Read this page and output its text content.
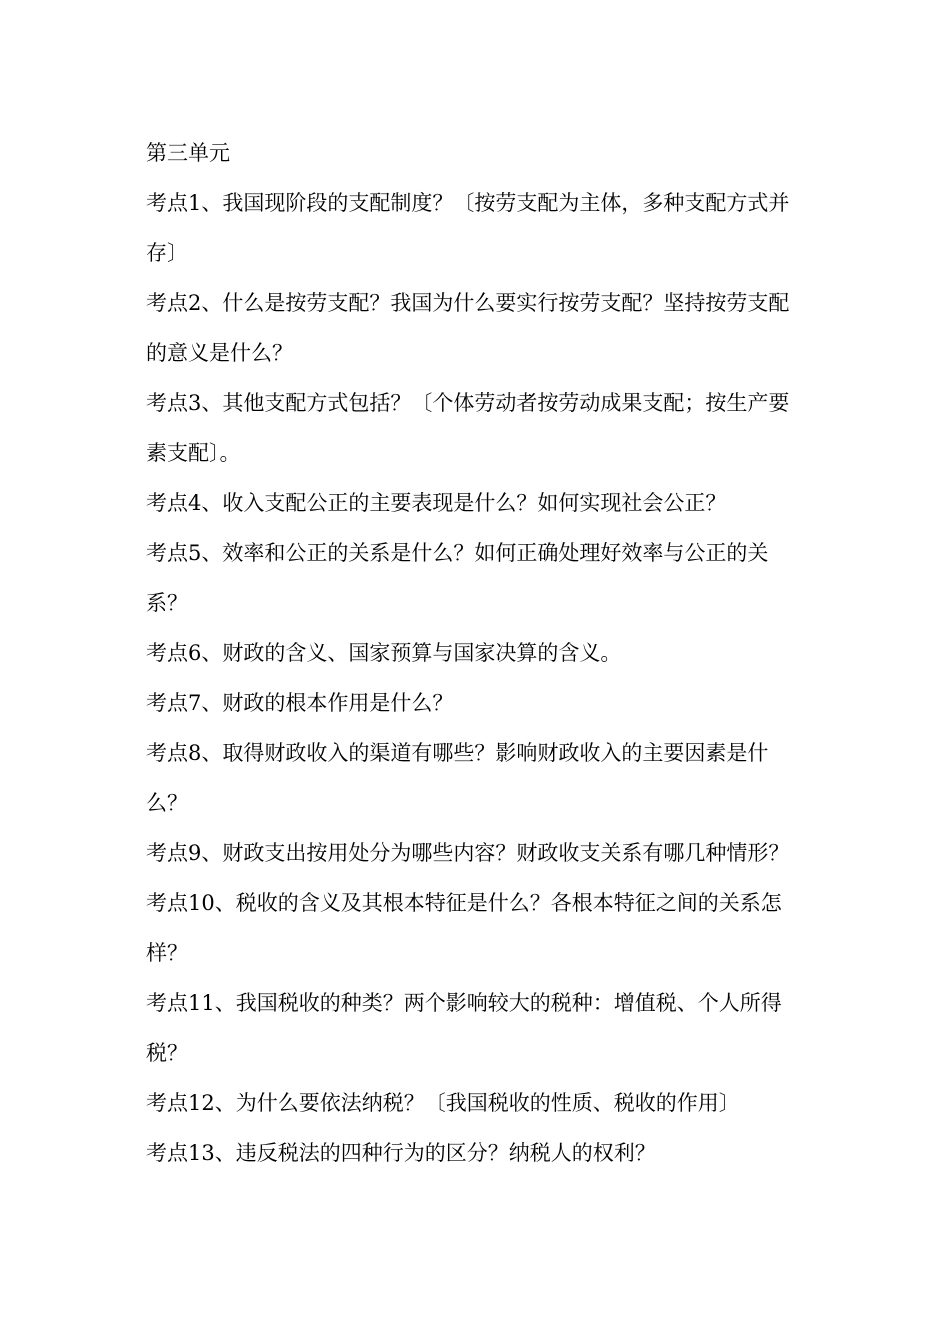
第三单元

考点1、我国现阶段的支配制度？〔按劳支配为主体，多种支配方式并存〕

考点2、什么是按劳支配？我国为什么要实行按劳支配？坚持按劳支配的意义是什么？

考点3、其他支配方式包括？〔个体劳动者按劳动成果支配；按生产要素支配〕。

考点4、收入支配公正的主要表现是什么？如何实现社会公正？

考点5、效率和公正的关系是什么？如何正确处理好效率与公正的关系？

考点6、财政的含义、国家预算与国家决算的含义。

考点7、财政的根本作用是什么？

考点8、取得财政收入的渠道有哪些？影响财政收入的主要因素是什么？

考点9、财政支出按用处分为哪些内容？财政收支关系有哪几种情形？

考点10、税收的含义及其根本特征是什么？各根本特征之间的关系怎样？

考点11、我国税收的种类？两个影响较大的税种：增值税、个人所得税？

考点12、为什么要依法纳税？〔我国税收的性质、税收的作用〕

考点13、违反税法的四种行为的区分？纳税人的权利？
